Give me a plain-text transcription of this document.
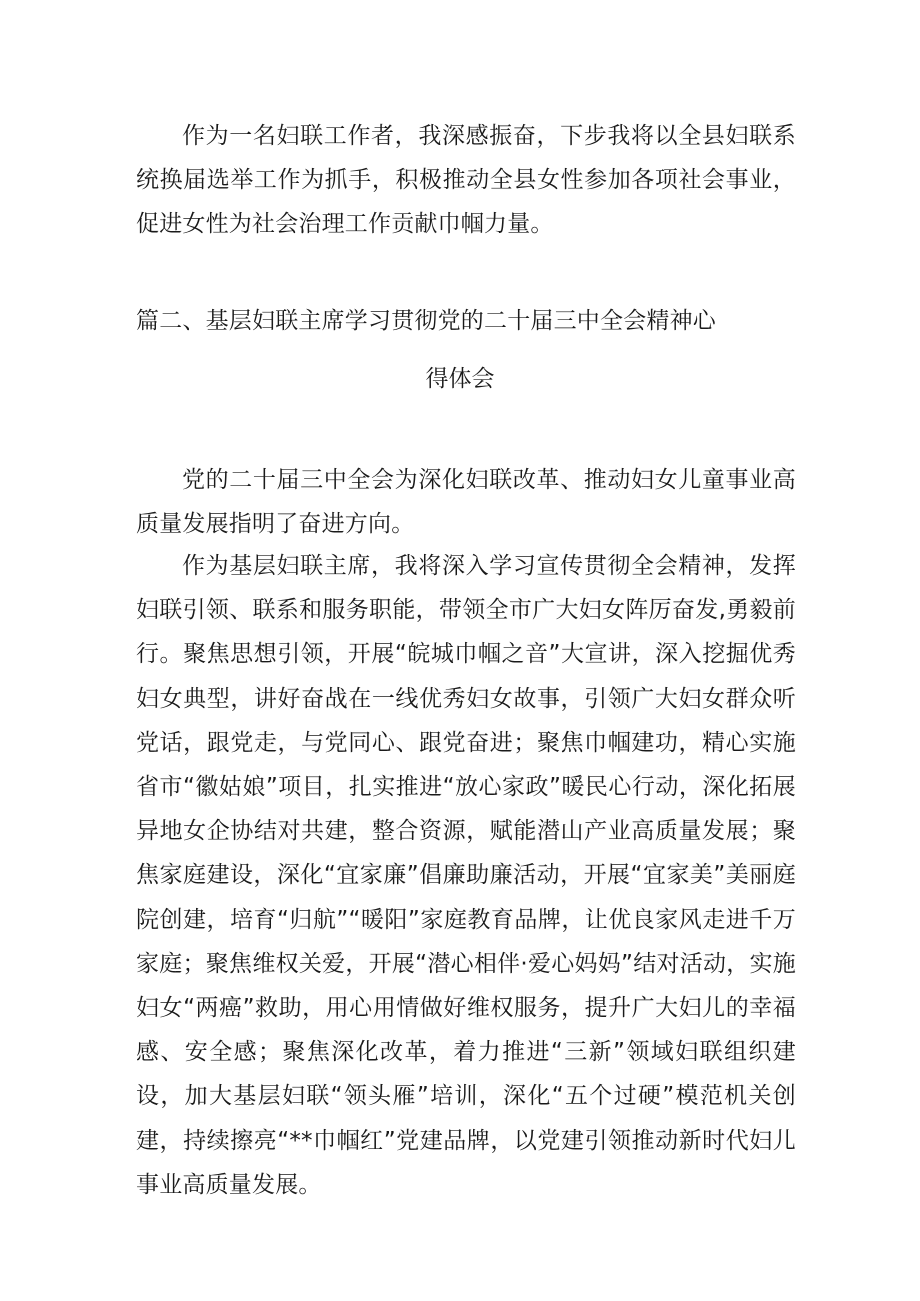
作为一名妇联工作者，我深感振奋，下步我将以全县妇联系统换届选举工作为抓手，积极推动全县女性参加各项社会事业，促进女性为社会治理工作贡献巾帼力量。

篇二、基层妇联主席学习贯彻党的二十届三中全会精神心

得体会

党的二十届三中全会为深化妇联改革、推动妇女儿童事业高质量发展指明了奋进方向。

作为基层妇联主席，我将深入学习宣传贯彻全会精神，发挥妇联引领、联系和服务职能，带领全市广大妇女阵厉奋发,勇毅前行。聚焦思想引领，开展“皖城巾帼之音”大宣讲，深入挖掘优秀妇女典型，讲好奋战在一线优秀妇女故事，引领广大妇女群众听党话，跟党走，与党同心、跟党奋进；聚焦巾帼建功，精心实施省市“徽姑娘”项目，扎实推进“放心家政”暖民心行动，深化拓展异地女企协结对共建，整合资源，赋能潜山产业高质量发展；聚焦家庭建设，深化“宜家廉”倡廉助廉活动，开展“宜家美”美丽庭院创建，培育“归航”“暖阳”家庭教育品牌，让优良家风走进千万家庭；聚焦维权关爱，开展“潜心相伴·爱心妈妈”结对活动，实施妇女“两癌”救助，用心用情做好维权服务，提升广大妇儿的幸福感、安全感；聚焦深化改革，着力推进“三新”领域妇联组织建设，加大基层妇联“领头雁”培训，深化“五个过硬”模范机关创建，持续擦亮“**巾帼红”党建品牌，以党建引领推动新时代妇儿事业高质量发展。
